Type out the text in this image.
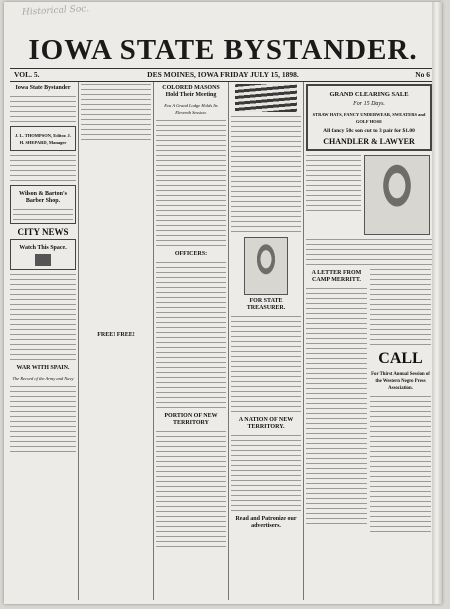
Historical Soc.
IOWA STATE BYSTANDER.
VOL. 5.	DES MOINES, IOWA FRIDAY JULY 15, 1898.	No 6
Iowa State Bystander
J. L. THOMPSON, Editor. J. H. SHEPARD, Manager
Wilson & Barton's Barber Shop.
CITY NEWS
Watch This Space.
WAR WITH SPAIN.
The Record of the Army and Navy
FREE! FREE!
COLORED MASONS Hold Their Meeting
Eva A Grand Lodge Holds Its Eleventh Session.
OFFICERS:
PORTION OF NEW TERRITORY
FOR STATE TREASURER.
A NATION OF NEW TERRITORY.
Read and Patronize our advertisers.
GRAND CLEARING SALE
For 15 Days.
STRAW HATS, FANCY UNDERWEAR, SWEATERS and GOLF HOSE
All fancy 50c son cut to 3 pair for $1.00
CHANDLER & LAWYER
A LETTER FROM CAMP MERRITT.
CALL
For Thirst Annual Session of the Western Negro Press Association.
